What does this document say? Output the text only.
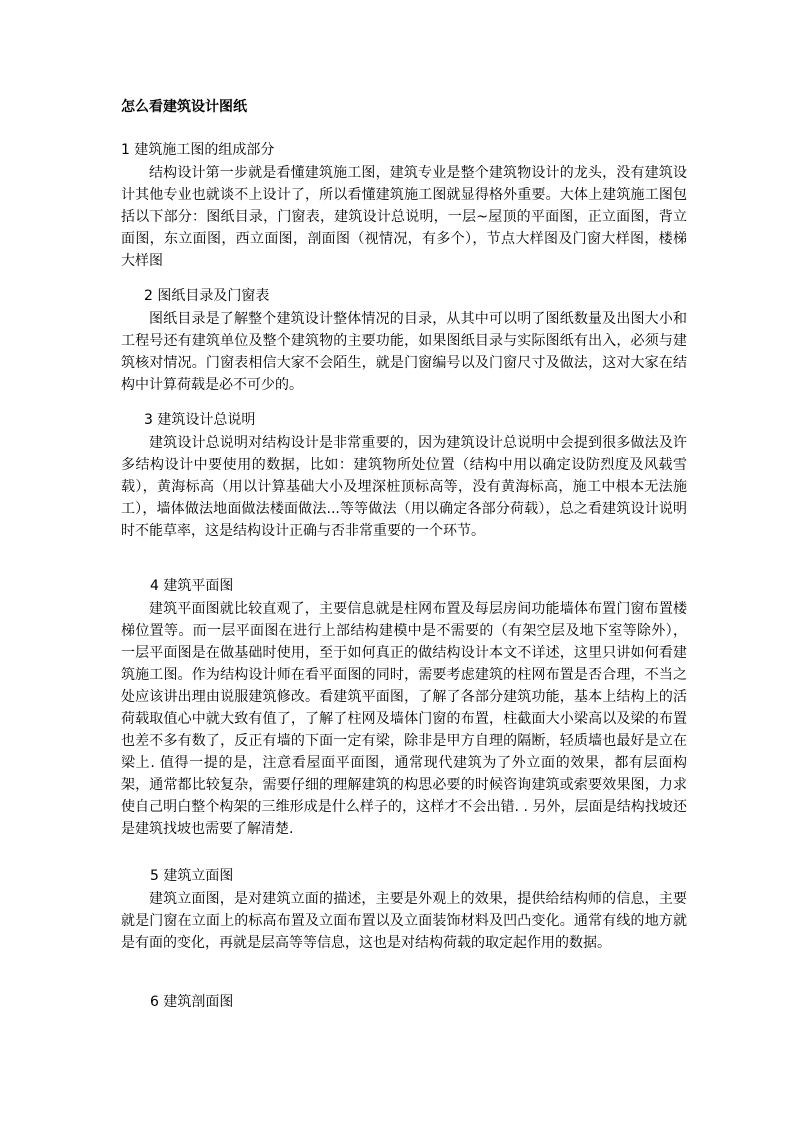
怎么看建筑设计图纸
1 建筑施工图的组成部分
结构设计第一步就是看懂建筑施工图，建筑专业是整个建筑物设计的龙头，没有建筑设计其他专业也就谈不上设计了，所以看懂建筑施工图就显得格外重要。大体上建筑施工图包括以下部分：图纸目录，门窗表，建筑设计总说明，一层~屋顶的平面图，正立面图，背立面图，东立面图，西立面图，剖面图（视情况，有多个），节点大样图及门窗大样图，楼梯大样图
2 图纸目录及门窗表
图纸目录是了解整个建筑设计整体情况的目录，从其中可以明了图纸数量及出图大小和工程号还有建筑单位及整个建筑物的主要功能，如果图纸目录与实际图纸有出入，必须与建筑核对情况。门窗表相信大家不会陌生，就是门窗编号以及门窗尺寸及做法，这对大家在结构中计算荷载是必不可少的。
3 建筑设计总说明
建筑设计总说明对结构设计是非常重要的，因为建筑设计总说明中会提到很多做法及许多结构设计中要使用的数据，比如：建筑物所处位置（结构中用以确定设防烈度及风载雪载），黄海标高（用以计算基础大小及埋深桩顶标高等，没有黄海标高，施工中根本无法施工），墙体做法地面做法楼面做法...等等做法（用以确定各部分荷载），总之看建筑设计说明时不能草率，这是结构设计正确与否非常重要的一个环节。
4 建筑平面图
建筑平面图就比较直观了，主要信息就是柱网布置及每层房间功能墙体布置门窗布置楼梯位置等。而一层平面图在进行上部结构建模中是不需要的（有架空层及地下室等除外），一层平面图是在做基础时使用，至于如何真正的做结构设计本文不详述，这里只讲如何看建筑施工图。作为结构设计师在看平面图的同时，需要考虑建筑的柱网布置是否合理，不当之处应该讲出理由说服建筑修改。看建筑平面图，了解了各部分建筑功能，基本上结构上的活荷载取值心中就大致有值了，了解了柱网及墙体门窗的布置，柱截面大小梁高以及梁的布置也差不多有数了，反正有墙的下面一定有梁，除非是甲方自理的隔断，轻质墙也最好是立在梁上. 值得一提的是，注意看屋面平面图，通常现代建筑为了外立面的效果，都有层面构架，通常都比较复杂，需要仔细的理解建筑的构思必要的时候咨询建筑或索要效果图，力求使自己明白整个构架的三维形成是什么样子的，这样才不会出错. . 另外，层面是结构找坡还是建筑找坡也需要了解清楚.
5 建筑立面图
建筑立面图，是对建筑立面的描述，主要是外观上的效果，提供给结构师的信息，主要就是门窗在立面上的标高布置及立面布置以及立面装饰材料及凹凸变化。通常有线的地方就是有面的变化，再就是层高等等信息，这也是对结构荷载的取定起作用的数据。
6 建筑剖面图
